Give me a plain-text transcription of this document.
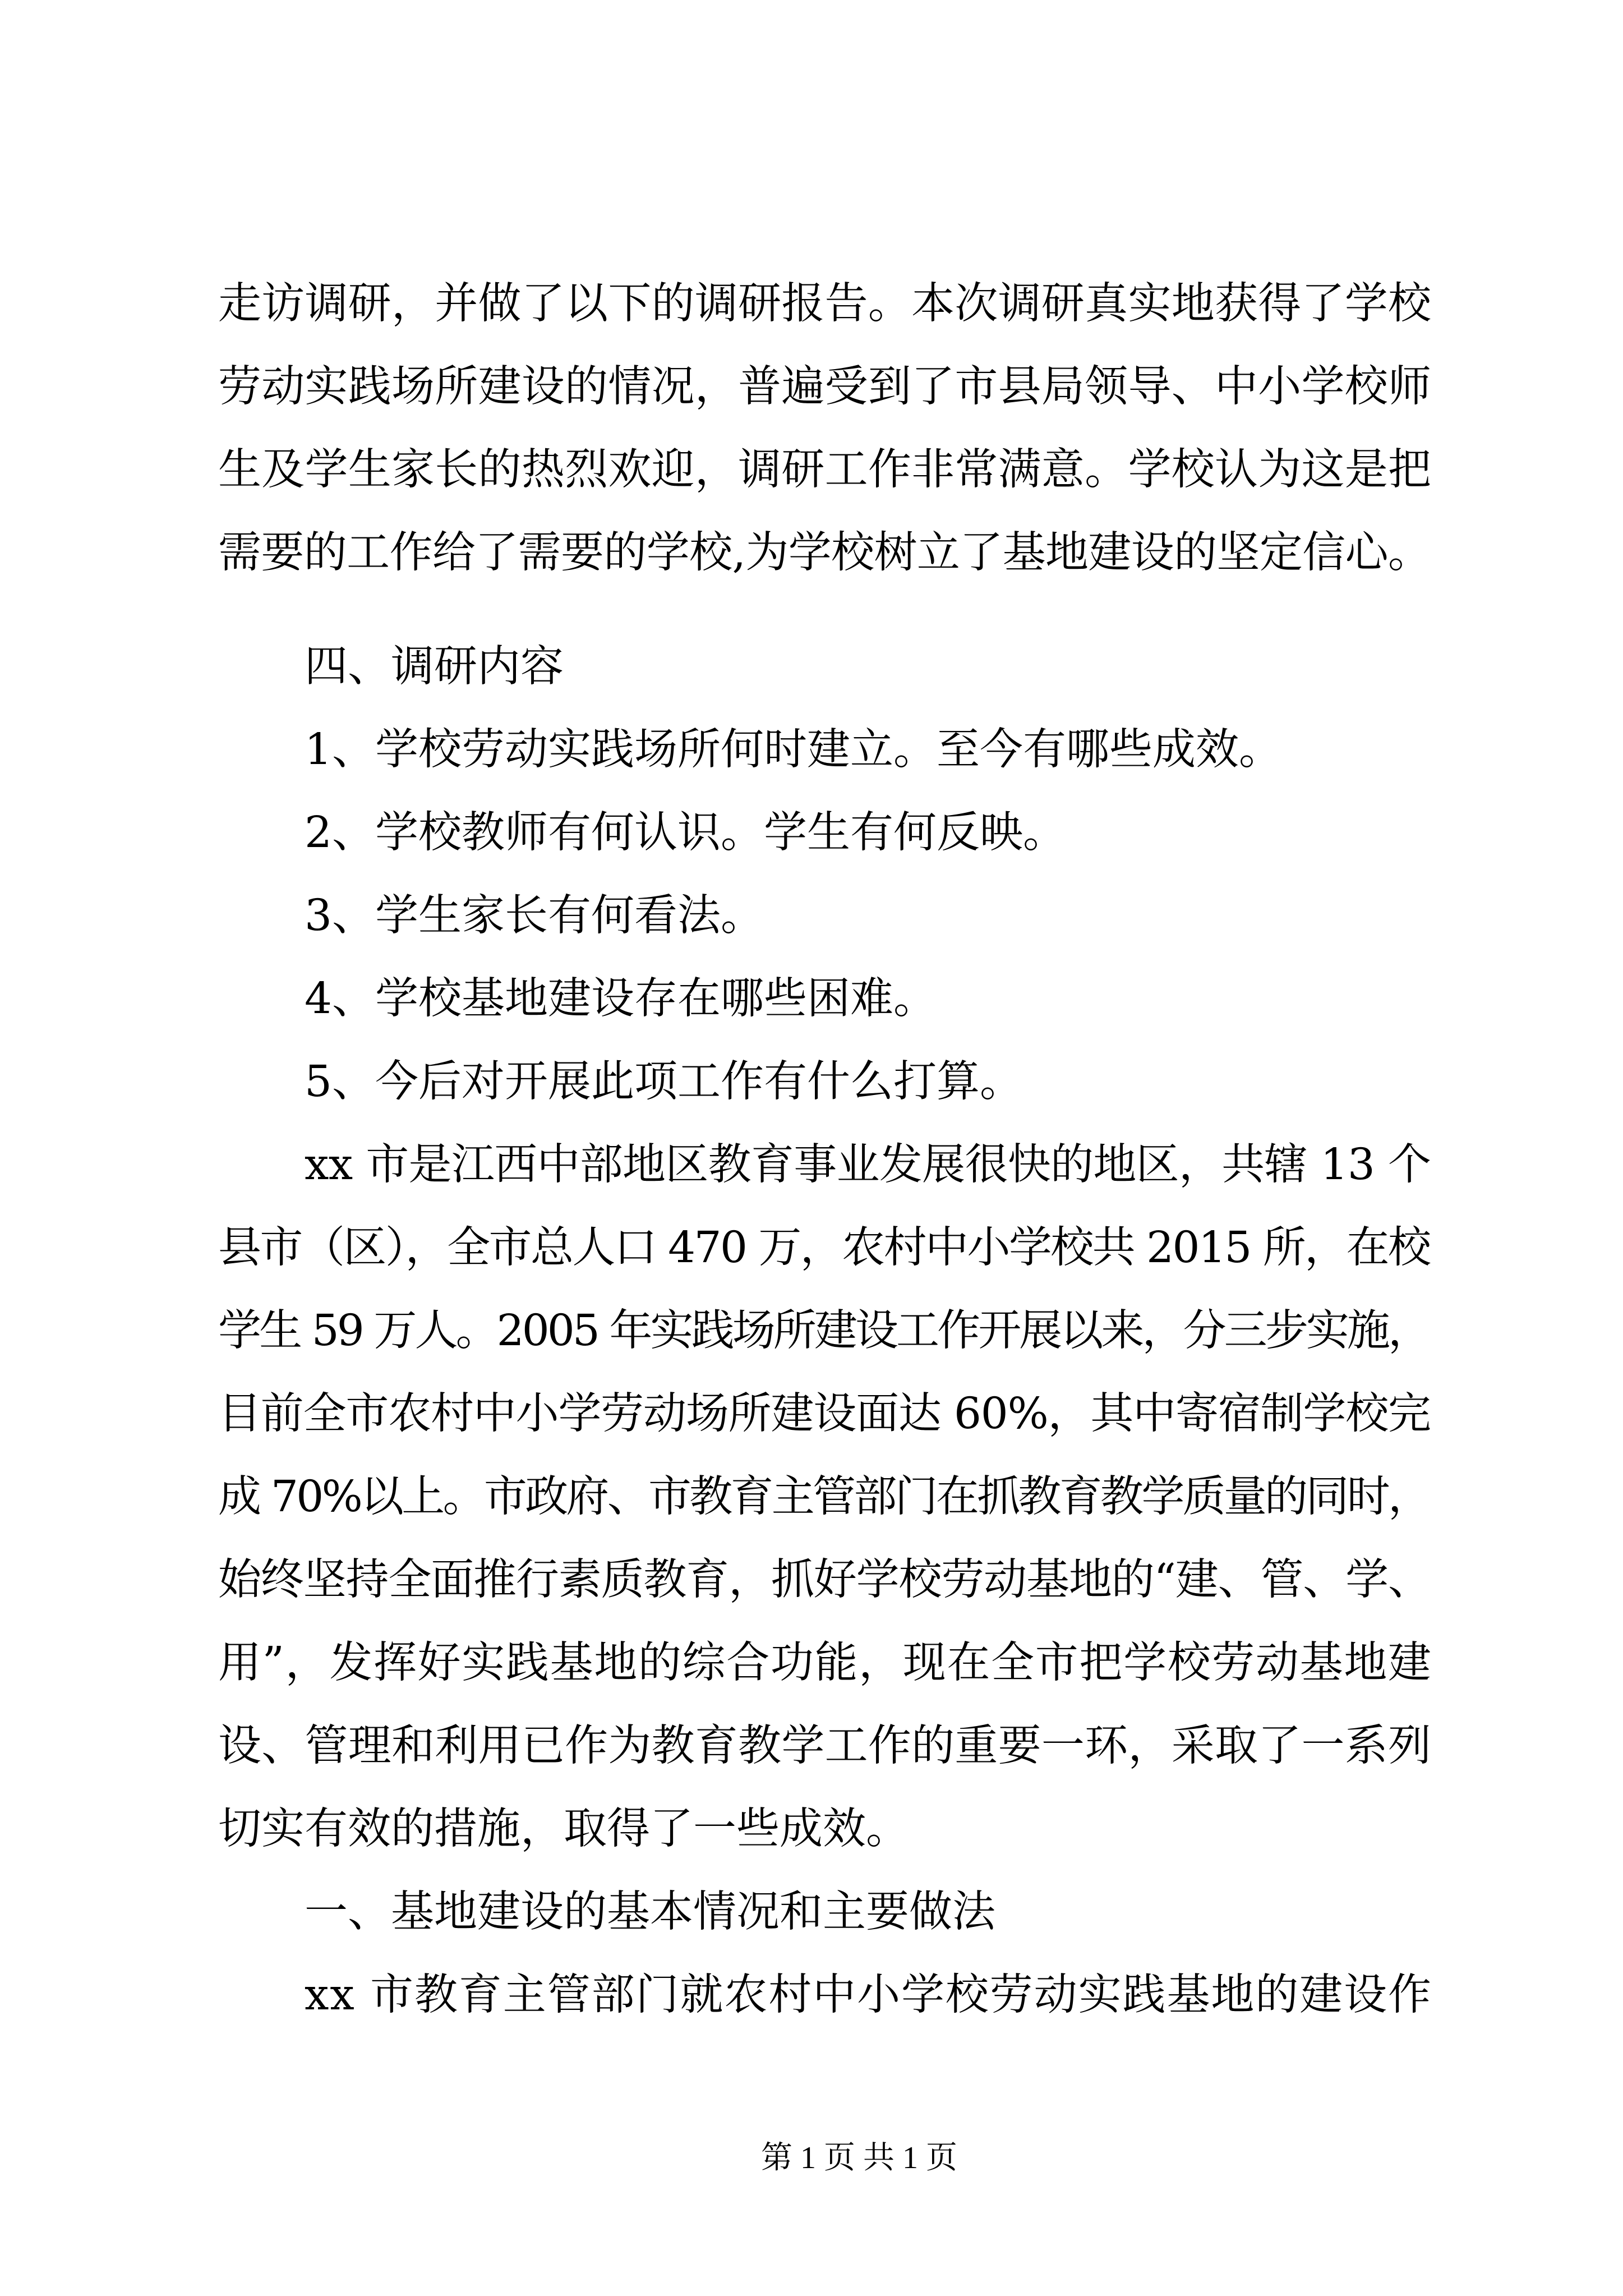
走访调研，并做了以下的调研报告。本次调研真实地获得了学校
劳动实践场所建设的情况，普遍受到了市县局领导、中小学校师
生及学生家长的热烈欢迎，调研工作非常满意。学校认为这是把
需要的工作给了需要的学校,为学校树立了基地建设的坚定信心。
四、调研内容
1、学校劳动实践场所何时建立。至今有哪些成效。
2、学校教师有何认识。学生有何反映。
3、学生家长有何看法。
4、学校基地建设存在哪些困难。
5、今后对开展此项工作有什么打算。
xx 市是江西中部地区教育事业发展很快的地区，共辖 13 个
县市（区），全市总人口 470 万，农村中小学校共 2015 所，在校
学生 59 万人。2005 年实践场所建设工作开展以来，分三步实施，
目前全市农村中小学劳动场所建设面达 60%，其中寄宿制学校完
成 70%以上。市政府、市教育主管部门在抓教育教学质量的同时，
始终坚持全面推行素质教育，抓好学校劳动基地的“建、管、学、
用”，发挥好实践基地的综合功能，现在全市把学校劳动基地建
设、管理和利用已作为教育教学工作的重要一环，采取了一系列
切实有效的措施，取得了一些成效。
一、基地建设的基本情况和主要做法
xx 市教育主管部门就农村中小学校劳动实践基地的建设作
第 1 页 共 1 页
